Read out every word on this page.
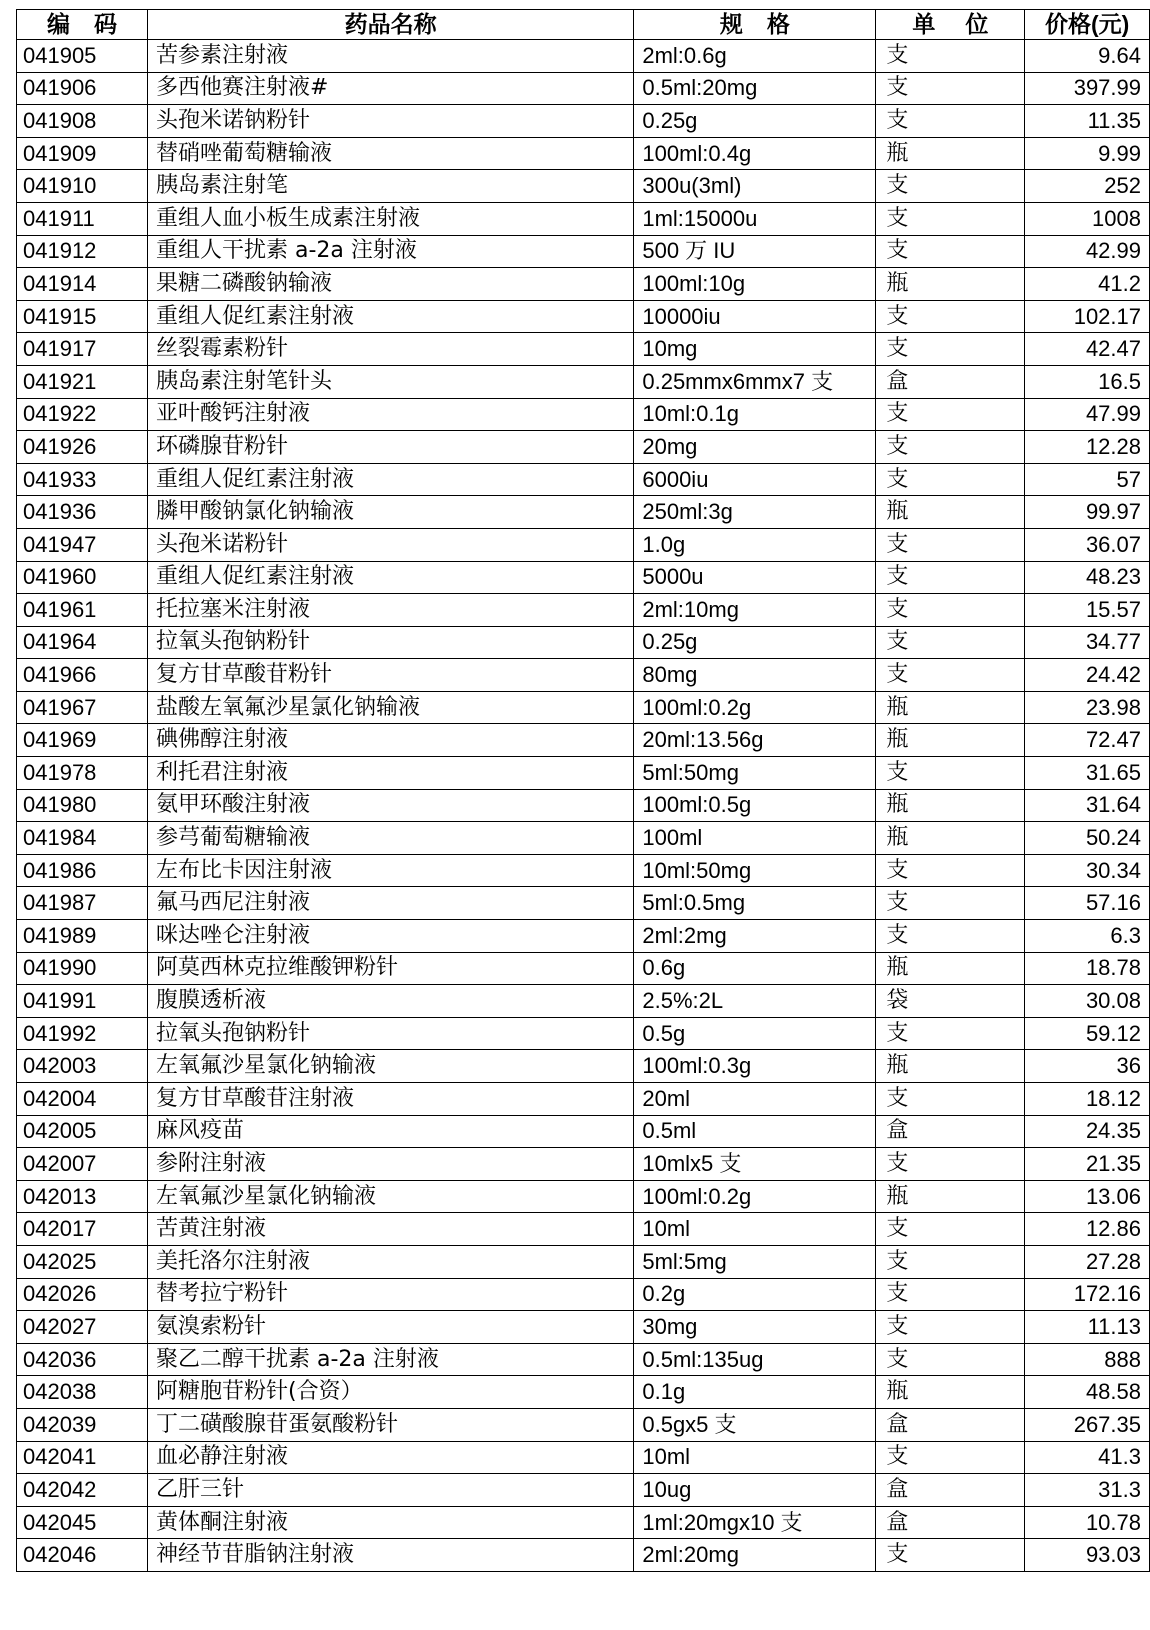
编码	药品名称	规格	单位	价格(元)
041905	苦参素注射液	2ml:0.6g	支	9.64
041906	多西他赛注射液#	0.5ml:20mg	支	397.99
041908	头孢米诺钠粉针	0.25g	支	11.35
041909	替硝唑葡萄糖输液	100ml:0.4g	瓶	9.99
041910	胰岛素注射笔	300u(3ml)	支	252
041911	重组人血小板生成素注射液	1ml:15000u	支	1008
041912	重组人干扰素 a-2a 注射液	500 万 IU	支	42.99
041914	果糖二磷酸钠输液	100ml:10g	瓶	41.2
041915	重组人促红素注射液	10000iu	支	102.17
041917	丝裂霉素粉针	10mg	支	42.47
041921	胰岛素注射笔针头	0.25mmx6mmx7 支	盒	16.5
041922	亚叶酸钙注射液	10ml:0.1g	支	47.99
041926	环磷腺苷粉针	20mg	支	12.28
041933	重组人促红素注射液	6000iu	支	57
041936	膦甲酸钠氯化钠输液	250ml:3g	瓶	99.97
041947	头孢米诺粉针	1.0g	支	36.07
041960	重组人促红素注射液	5000u	支	48.23
041961	托拉塞米注射液	2ml:10mg	支	15.57
041964	拉氧头孢钠粉针	0.25g	支	34.77
041966	复方甘草酸苷粉针	80mg	支	24.42
041967	盐酸左氧氟沙星氯化钠输液	100ml:0.2g	瓶	23.98
041969	碘佛醇注射液	20ml:13.56g	瓶	72.47
041978	利托君注射液	5ml:50mg	支	31.65
041980	氨甲环酸注射液	100ml:0.5g	瓶	31.64
041984	参芎葡萄糖输液	100ml	瓶	50.24
041986	左布比卡因注射液	10ml:50mg	支	30.34
041987	氟马西尼注射液	5ml:0.5mg	支	57.16
041989	咪达唑仑注射液	2ml:2mg	支	6.3
041990	阿莫西林克拉维酸钾粉针	0.6g	瓶	18.78
041991	腹膜透析液	2.5%:2L	袋	30.08
041992	拉氧头孢钠粉针	0.5g	支	59.12
042003	左氧氟沙星氯化钠输液	100ml:0.3g	瓶	36
042004	复方甘草酸苷注射液	20ml	支	18.12
042005	麻风疫苗	0.5ml	盒	24.35
042007	参附注射液	10mlx5 支	支	21.35
042013	左氧氟沙星氯化钠输液	100ml:0.2g	瓶	13.06
042017	苦黄注射液	10ml	支	12.86
042025	美托洛尔注射液	5ml:5mg	支	27.28
042026	替考拉宁粉针	0.2g	支	172.16
042027	氨溴索粉针	30mg	支	11.13
042036	聚乙二醇干扰素 a-2a 注射液	0.5ml:135ug	支	888
042038	阿糖胞苷粉针(合资）	0.1g	瓶	48.58
042039	丁二磺酸腺苷蛋氨酸粉针	0.5gx5 支	盒	267.35
042041	血必静注射液	10ml	支	41.3
042042	乙肝三针	10ug	盒	31.3
042045	黄体酮注射液	1ml:20mgx10 支	盒	10.78
042046	神经节苷脂钠注射液	2ml:20mg	支	93.03
